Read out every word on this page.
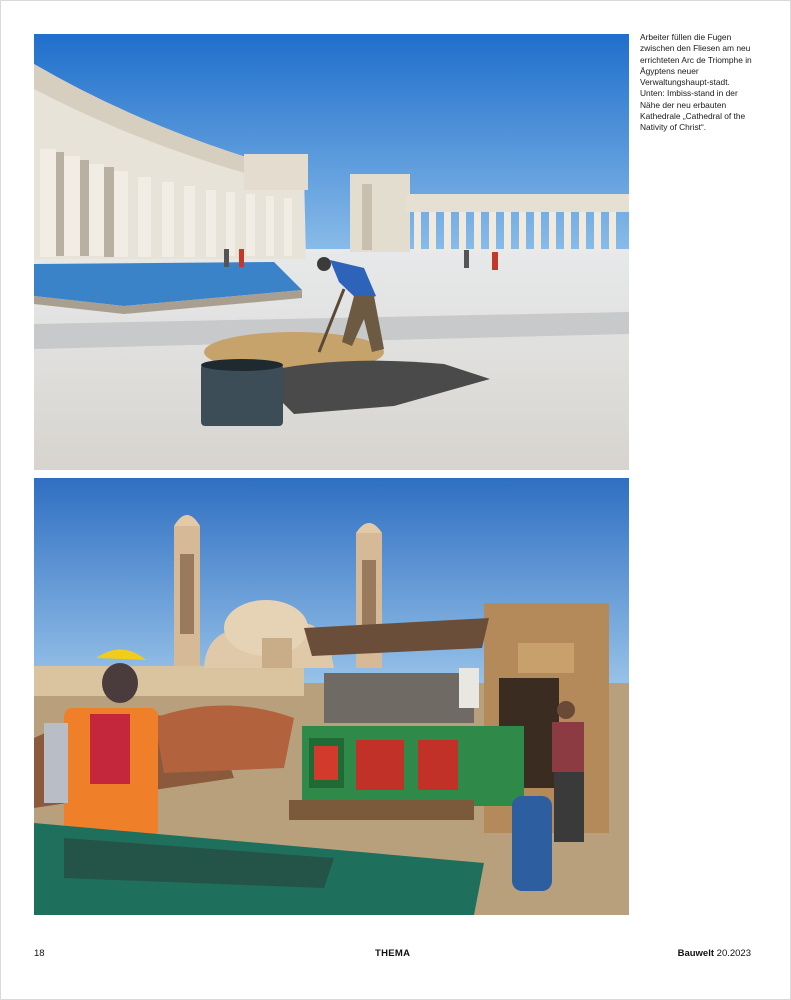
Arbeiter füllen die Fugen zwischen den Fliesen am neu errichteten Arc de Triomphe in Ägyptens neuer Verwaltungshaupt-stadt. Unten: Imbiss-stand in der Nähe der neu erbauten Kathedrale „Cathedral of the Nativity of Christ“.
18	THEMA	Bauwelt 20.2023
